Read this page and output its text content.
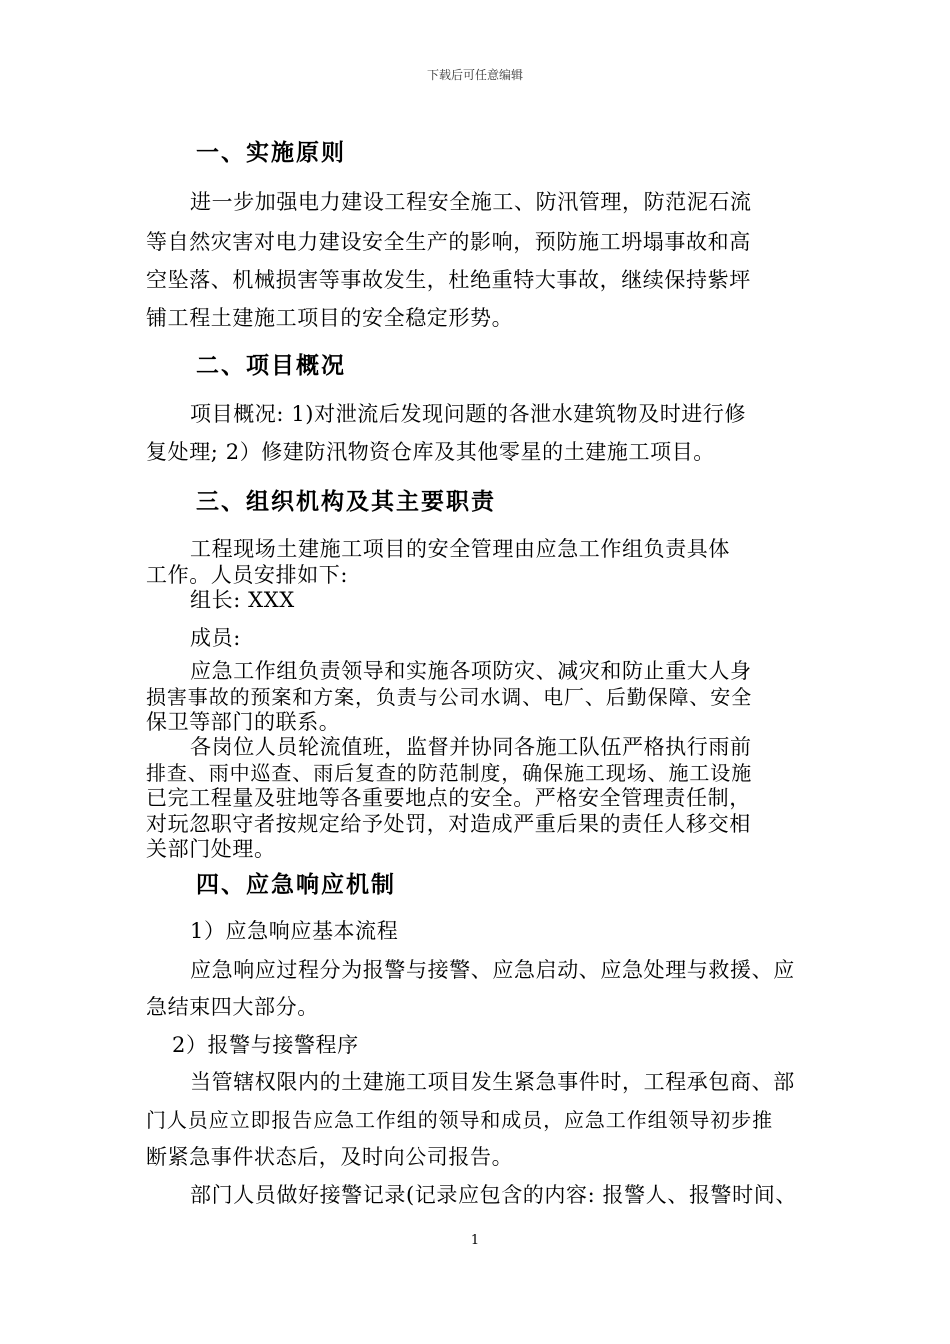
下载后可任意编辑
一、实施原则
进一步加强电力建设工程安全施工、防汛管理，防范泥石流
等自然灾害对电力建设安全生产的影响，预防施工坍塌事故和高
空坠落、机械损害等事故发生，杜绝重特大事故，继续保持紫坪
铺工程土建施工项目的安全稳定形势。
二、项目概况
项目概况: 1)对泄流后发现问题的各泄水建筑物及时进行修
复处理; 2）修建防汛物资仓库及其他零星的土建施工项目。
三、组织机构及其主要职责
工程现场土建施工项目的安全管理由应急工作组负责具体
工作。人员安排如下:
组长: XXX
成员:
应急工作组负责领导和实施各项防灾、减灾和防止重大人身
损害事故的预案和方案，负责与公司水调、电厂、后勤保障、安全
保卫等部门的联系。
各岗位人员轮流值班，监督并协同各施工队伍严格执行雨前
排查、雨中巡查、雨后复查的防范制度，确保施工现场、施工设施
已完工程量及驻地等各重要地点的安全。严格安全管理责任制，
对玩忽职守者按规定给予处罚，对造成严重后果的责任人移交相
关部门处理。
四、应急响应机制
1）应急响应基本流程
应急响应过程分为报警与接警、应急启动、应急处理与救援、应
急结束四大部分。
2）报警与接警程序
当管辖权限内的土建施工项目发生紧急事件时，工程承包商、部
门人员应立即报告应急工作组的领导和成员，应急工作组领导初步推
断紧急事件状态后，及时向公司报告。
部门人员做好接警记录(记录应包含的内容: 报警人、报警时间、
1
